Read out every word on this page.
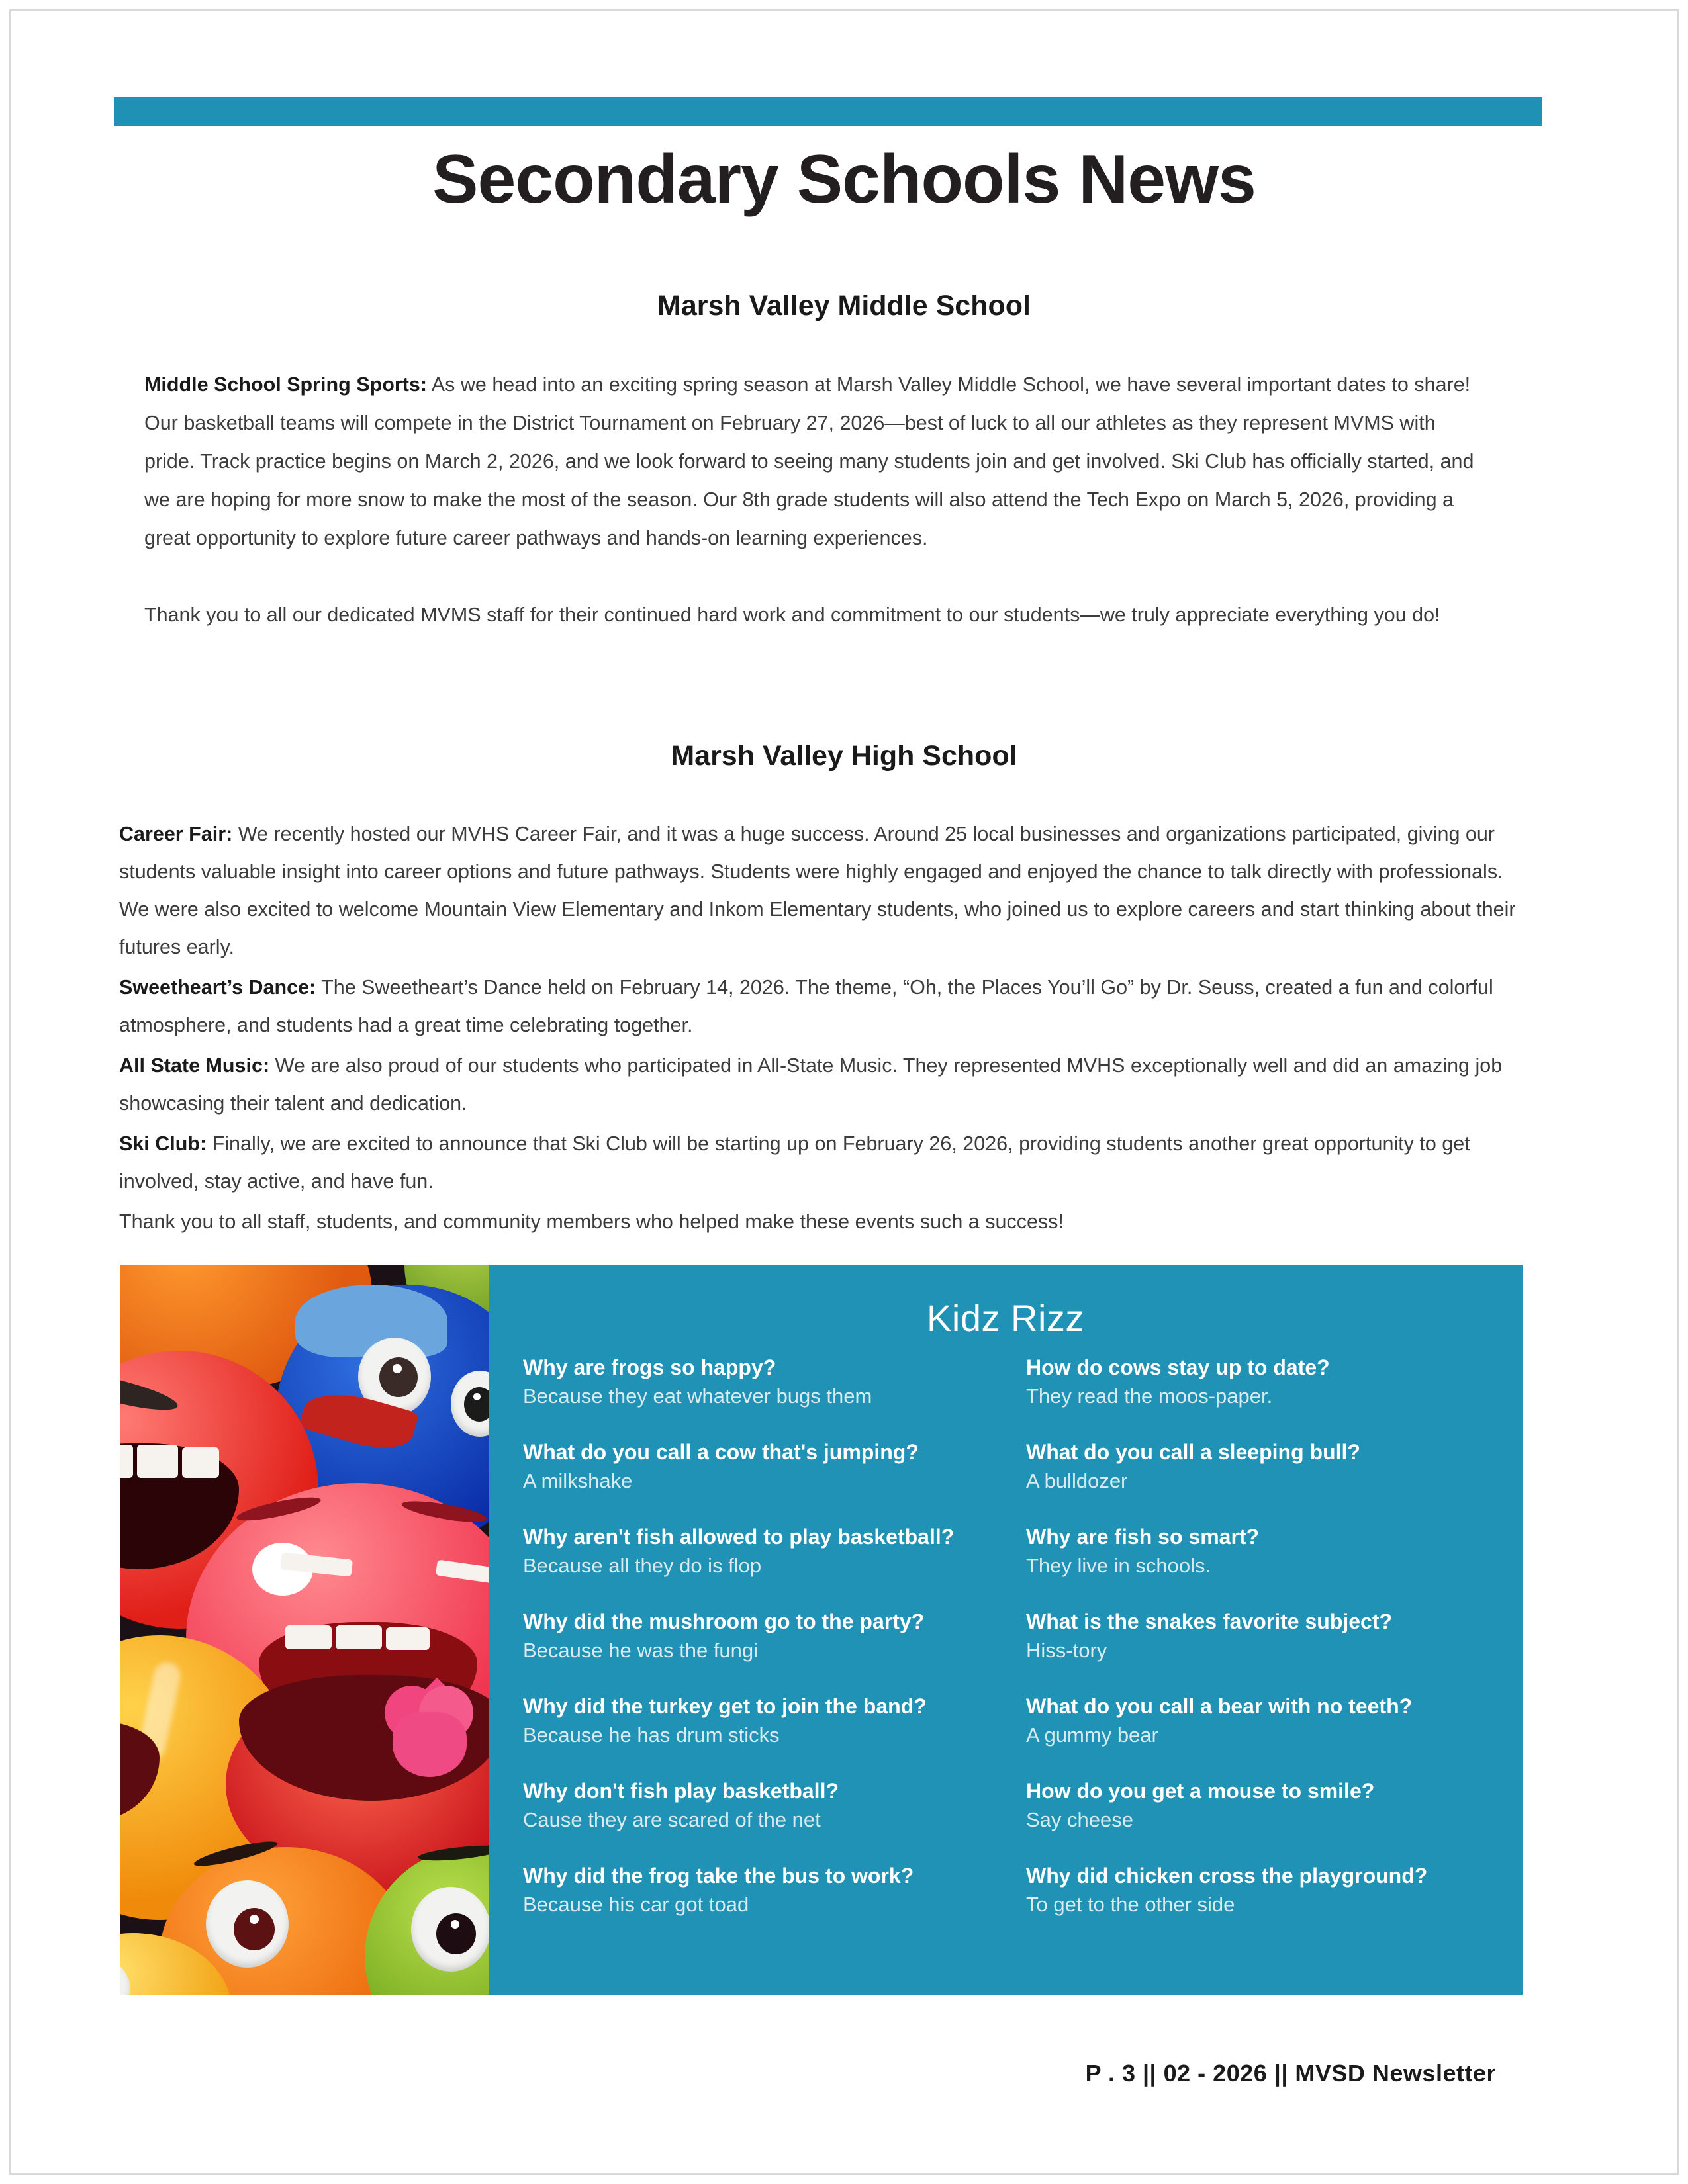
Secondary Schools News
Marsh Valley Middle School

Middle School Spring Sports: As we head into an exciting spring season at Marsh Valley Middle School, we have several important dates to share! Our basketball teams will compete in the District Tournament on February 27, 2026—best of luck to all our athletes as they represent MVMS with pride. Track practice begins on March 2, 2026, and we look forward to seeing many students join and get involved. Ski Club has officially started, and we are hoping for more snow to make the most of the season. Our 8th grade students will also attend the Tech Expo on March 5, 2026, providing a great opportunity to explore future career pathways and hands-on learning experiences.

Thank you to all our dedicated MVMS staff for their continued hard work and commitment to our students—we truly appreciate everything you do!

Marsh Valley High School

Career Fair: We recently hosted our MVHS Career Fair, and it was a huge success. Around 25 local businesses and organizations participated, giving our students valuable insight into career options and future pathways. Students were highly engaged and enjoyed the chance to talk directly with professionals. We were also excited to welcome Mountain View Elementary and Inkom Elementary students, who joined us to explore careers and start thinking about their futures early.

Sweetheart’s Dance: The Sweetheart’s Dance held on February 14, 2026. The theme, “Oh, the Places You’ll Go” by Dr. Seuss, created a fun and colorful atmosphere, and students had a great time celebrating together.

All State Music: We are also proud of our students who participated in All-State Music. They represented MVHS exceptionally well and did an amazing job showcasing their talent and dedication.

Ski Club: Finally, we are excited to announce that Ski Club will be starting up on February 26, 2026, providing students another great opportunity to get involved, stay active, and have fun.

Thank you to all staff, students, and community members who helped make these events such a success!

Kidz Rizz
Why are frogs so happy?
Because they eat whatever bugs them
What do you call a cow that's jumping?
A milkshake
Why aren't fish allowed to play basketball?
Because all they do is flop
Why did the mushroom go to the party?
Because he was the fungi
Why did the turkey get to join the band?
Because he has drum sticks
Why don't fish play basketball?
Cause they are scared of the net
Why did the frog take the bus to work?
Because his car got toad
How do cows stay up to date?
They read the moos-paper.
What do you call a sleeping bull?
A bulldozer
Why are fish so smart?
They live in schools.
What is the snakes favorite subject?
Hiss-tory
What do you call a bear with no teeth?
A gummy bear
How do you get a mouse to smile?
Say cheese
Why did chicken cross the playground?
To get to the other side
P . 3 || 02 - 2026 || MVSD Newsletter
